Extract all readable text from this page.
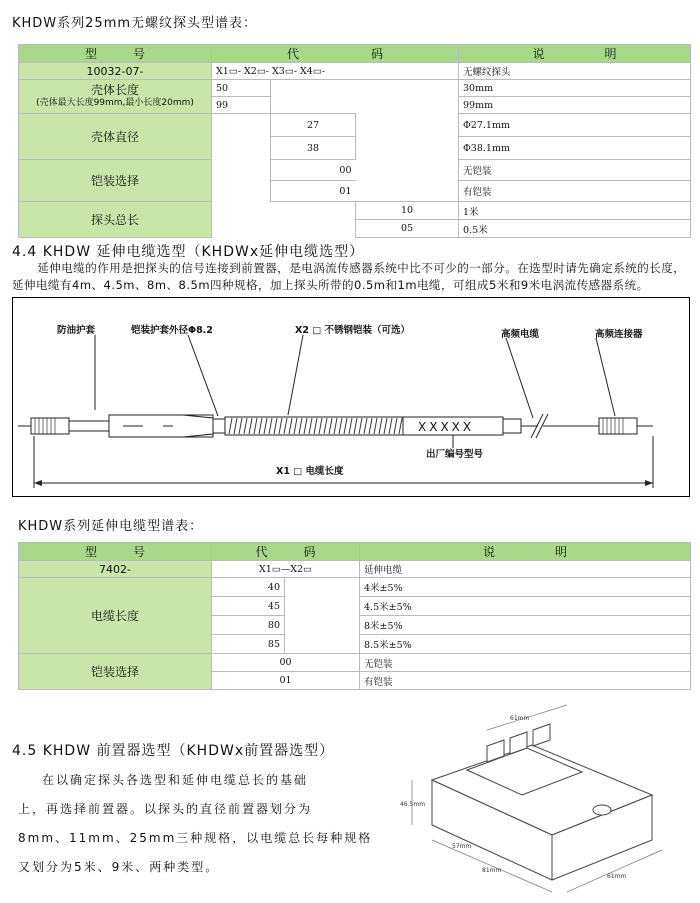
KHDW系列25mm无螺纹探头型谱表：
型　　　号	代　　　　　　码			说　　　　　明
10032-07-	X1▭- X2▭- X3▭- X4▭-			无螺纹探头

壳体长度
(壳体最大长度99mm,最小长度20mm)	50			30mm
	99			99mm
壳体直径		27		Φ27.1mm
		38		Φ38.1mm
铠装选择		00		无铠装
		01		有铠装
探头总长			10	1米
			05	0.5米
4.4 KHDW 延伸电缆选型（KHDWx延伸电缆选型）
延伸电缆的作用是把探头的信号连接到前置器，是电涡流传感器系统中比不可少的一部分。在选型时请先确定系统的长度，延伸电缆有4m、4.5m、8m、8.5m四种规格，加上探头所带的0.5m和1m电缆，可组成5米和9米电涡流传感器系统。
防油护套	铠装护套外径Φ8.2	X2 □ 不锈钢铠装（可选）	高频电缆	高频连接器
XXXXX
出厂编号型号
X1 □ 电缆长度
KHDW系列延伸电缆型谱表：
型　　　号	代　　　码		说　　　　　明
7402-	X1▭—X2▭		延伸电缆
电缆长度	40		4米±5%
	45		4.5米±5%
	80		8米±5%
	85		8.5米±5%
铠装选择	00		无铠装
	01		有铠装
4.5 KHDW 前置器选型（KHDWx前置器选型）
在以确定探头各选型和延伸电缆总长的基础
上，再选择前置器。以探头的直径前置器划分为
8mm、11mm、25mm三种规格，以电缆总长每种规格
又划分为5米、9米、两种类型。
61mm
46.5mm
57mm
81mm
61mm
